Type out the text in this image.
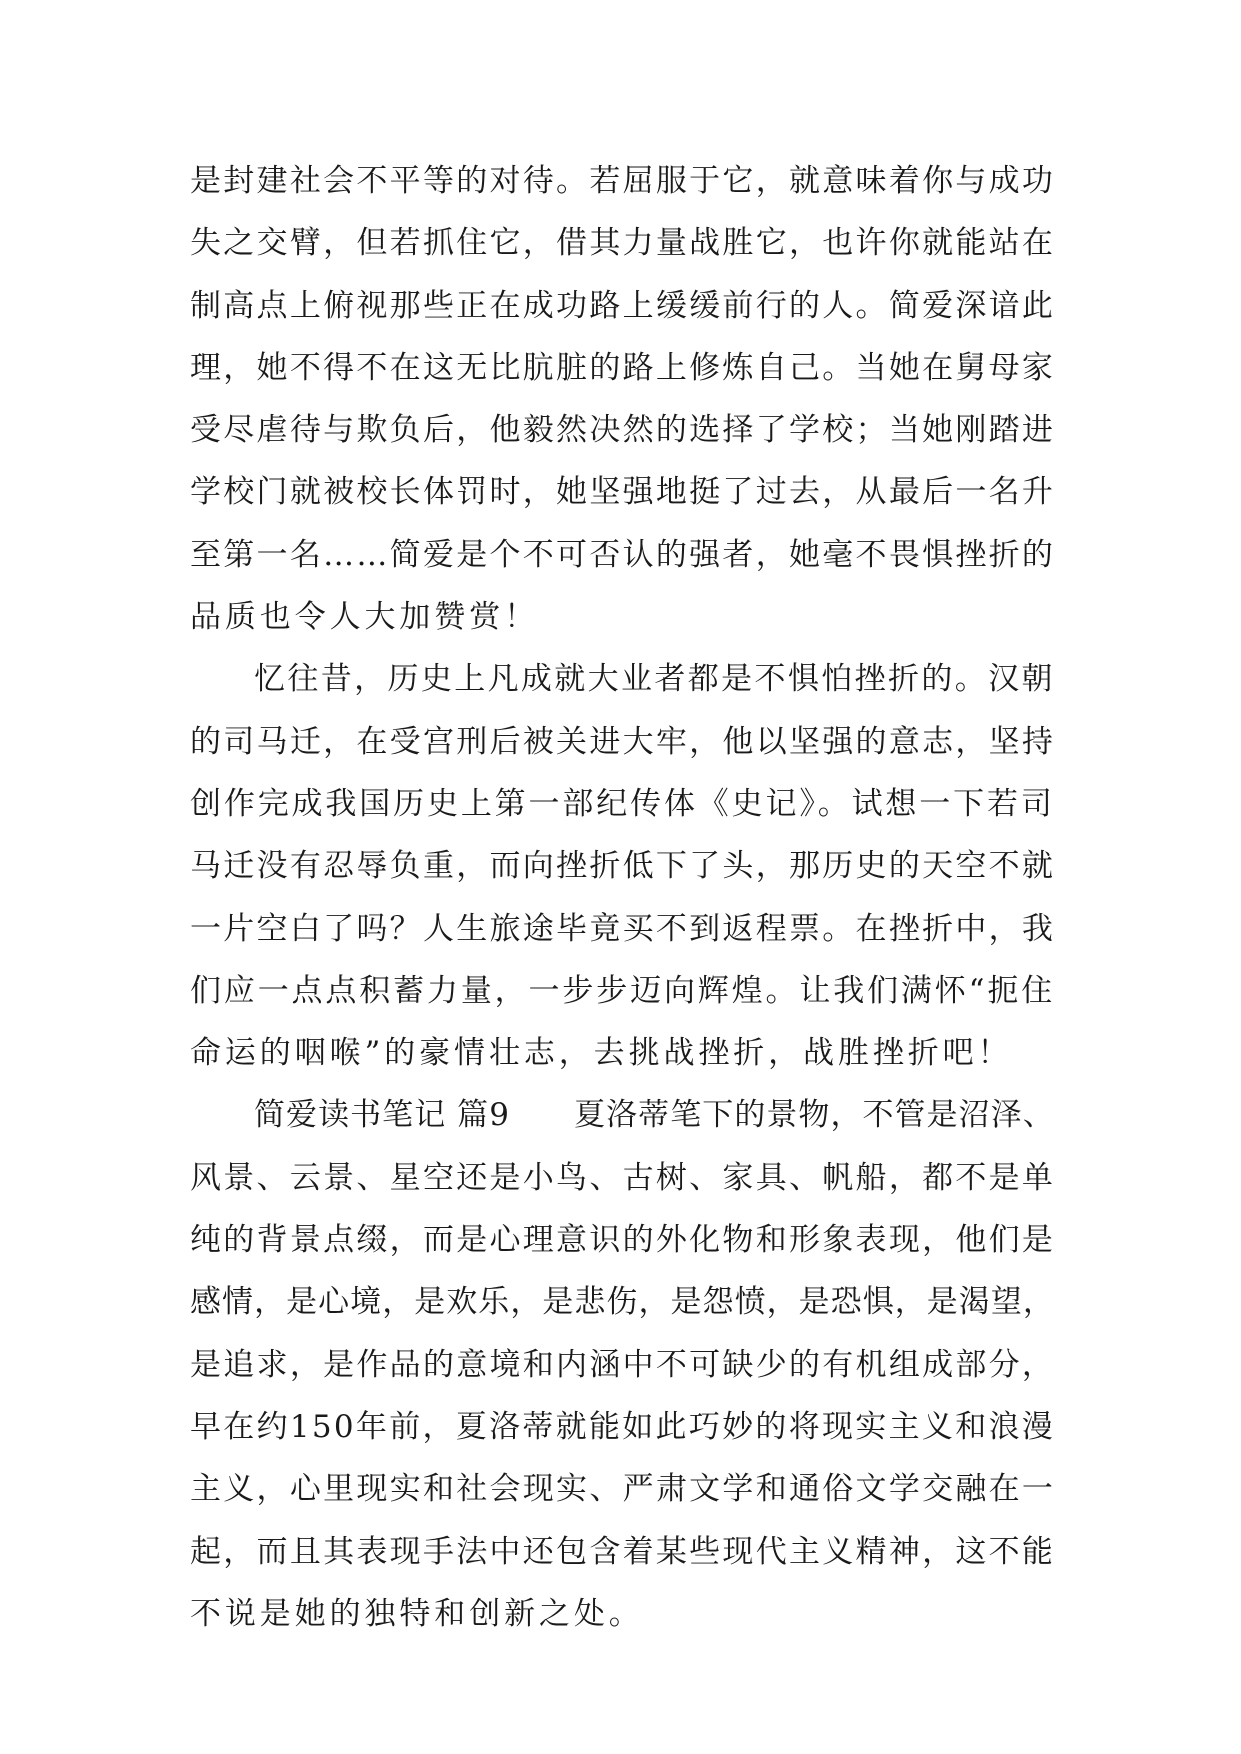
是封建社会不平等的对待。若屈服于它，就意味着你与成功
失之交臂，但若抓住它，借其力量战胜它，也许你就能站在
制高点上俯视那些正在成功路上缓缓前行的人。简爱深谙此
理，她不得不在这无比肮脏的路上修炼自己。当她在舅母家
受尽虐待与欺负后，他毅然决然的选择了学校；当她刚踏进
学校门就被校长体罚时，她坚强地挺了过去，从最后一名升
至第一名……简爱是个不可否认的强者，她毫不畏惧挫折的
品质也令人大加赞赏！
忆往昔，历史上凡成就大业者都是不惧怕挫折的。汉朝
的司马迁，在受宫刑后被关进大牢，他以坚强的意志，坚持
创作完成我国历史上第一部纪传体《史记》。试想一下若司
马迁没有忍辱负重，而向挫折低下了头，那历史的天空不就
一片空白了吗？人生旅途毕竟买不到返程票。在挫折中，我
们应一点点积蓄力量，一步步迈向辉煌。让我们满怀“扼住
命运的咽喉”的豪情壮志，去挑战挫折，战胜挫折吧！
简爱读书笔记 篇9　　夏洛蒂笔下的景物，不管是沼泽、
风景、云景、星空还是小鸟、古树、家具、帆船，都不是单
纯的背景点缀，而是心理意识的外化物和形象表现，他们是
感情，是心境，是欢乐，是悲伤，是怨愤，是恐惧，是渴望，
是追求，是作品的意境和内涵中不可缺少的有机组成部分，
早在约150年前，夏洛蒂就能如此巧妙的将现实主义和浪漫
主义，心里现实和社会现实、严肃文学和通俗文学交融在一
起，而且其表现手法中还包含着某些现代主义精神，这不能
不说是她的独特和创新之处。
